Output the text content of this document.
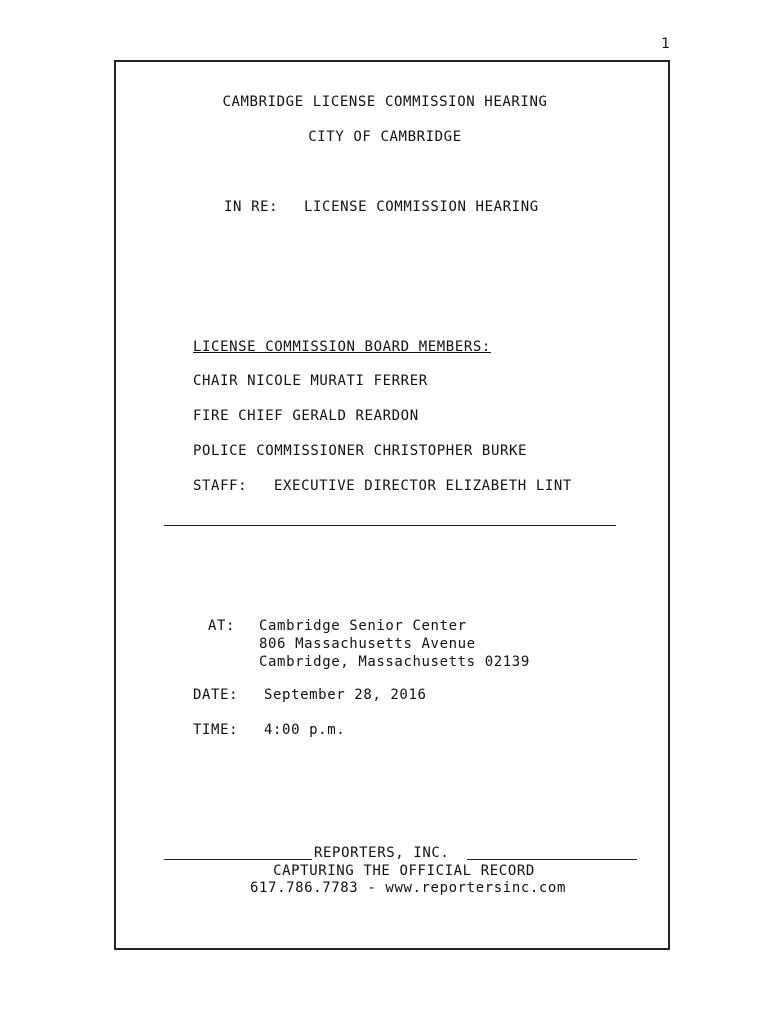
1
CAMBRIDGE LICENSE COMMISSION HEARING
CITY OF CAMBRIDGE
IN RE: LICENSE COMMISSION HEARING
LICENSE COMMISSION BOARD MEMBERS:
CHAIR NICOLE MURATI FERRER
FIRE CHIEF GERALD REARDON
POLICE COMMISSIONER CHRISTOPHER BURKE
STAFF: EXECUTIVE DIRECTOR ELIZABETH LINT
AT: Cambridge Senior Center
806 Massachusetts Avenue
Cambridge, Massachusetts 02139
DATE: September 28, 2016
TIME: 4:00 p.m.
REPORTERS, INC.
CAPTURING THE OFFICIAL RECORD
617.786.7783 - www.reportersinc.com
